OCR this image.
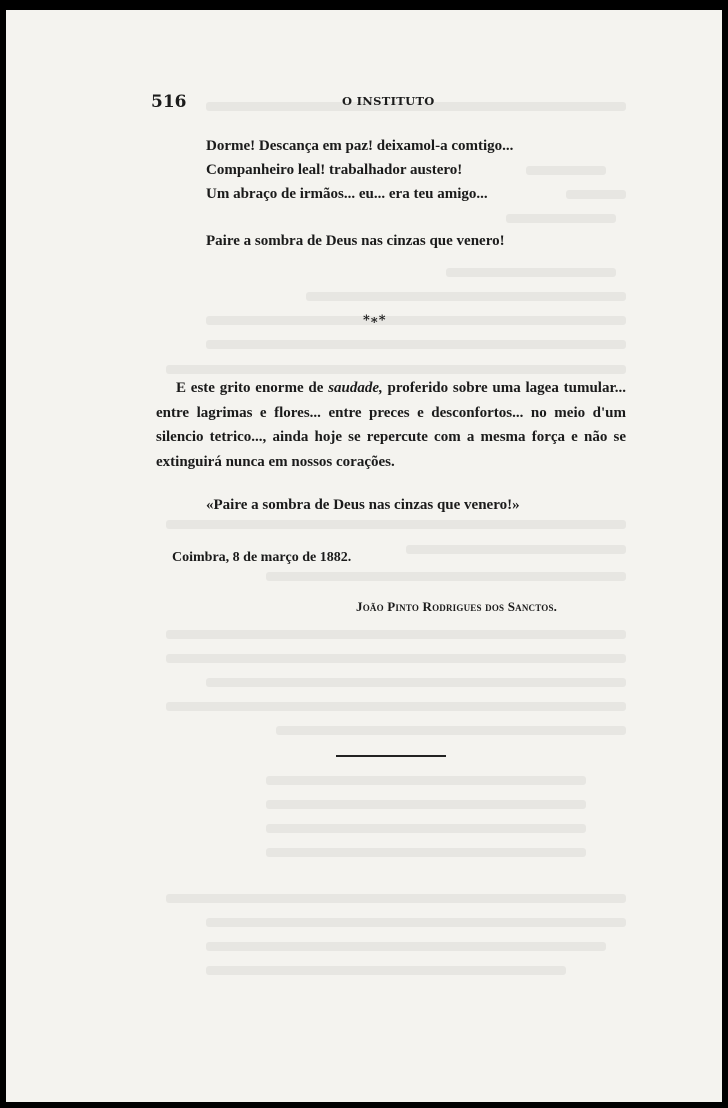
516	O INSTITUTO
Dorme! Descança em paz! deixamol-a comtigo...
Companheiro leal! trabalhador austero!
Um abraço de irmãos... eu... era teu amigo...
Paire a sombra de Deus nas cinzas que venero!
*∗*

E este grito enorme de saudade, proferido sobre uma lagea tumular... entre lagrimas e flores... entre preces e desconfortos... no meio d'um silencio tetrico..., ainda hoje se repercute com a mesma força e não se extinguirá nunca em nossos corações.

«Paire a sombra de Deus nas cinzas que venero!»
Coimbra, 8 de março de 1882.
João Pinto Rodrigues dos Sanctos.
